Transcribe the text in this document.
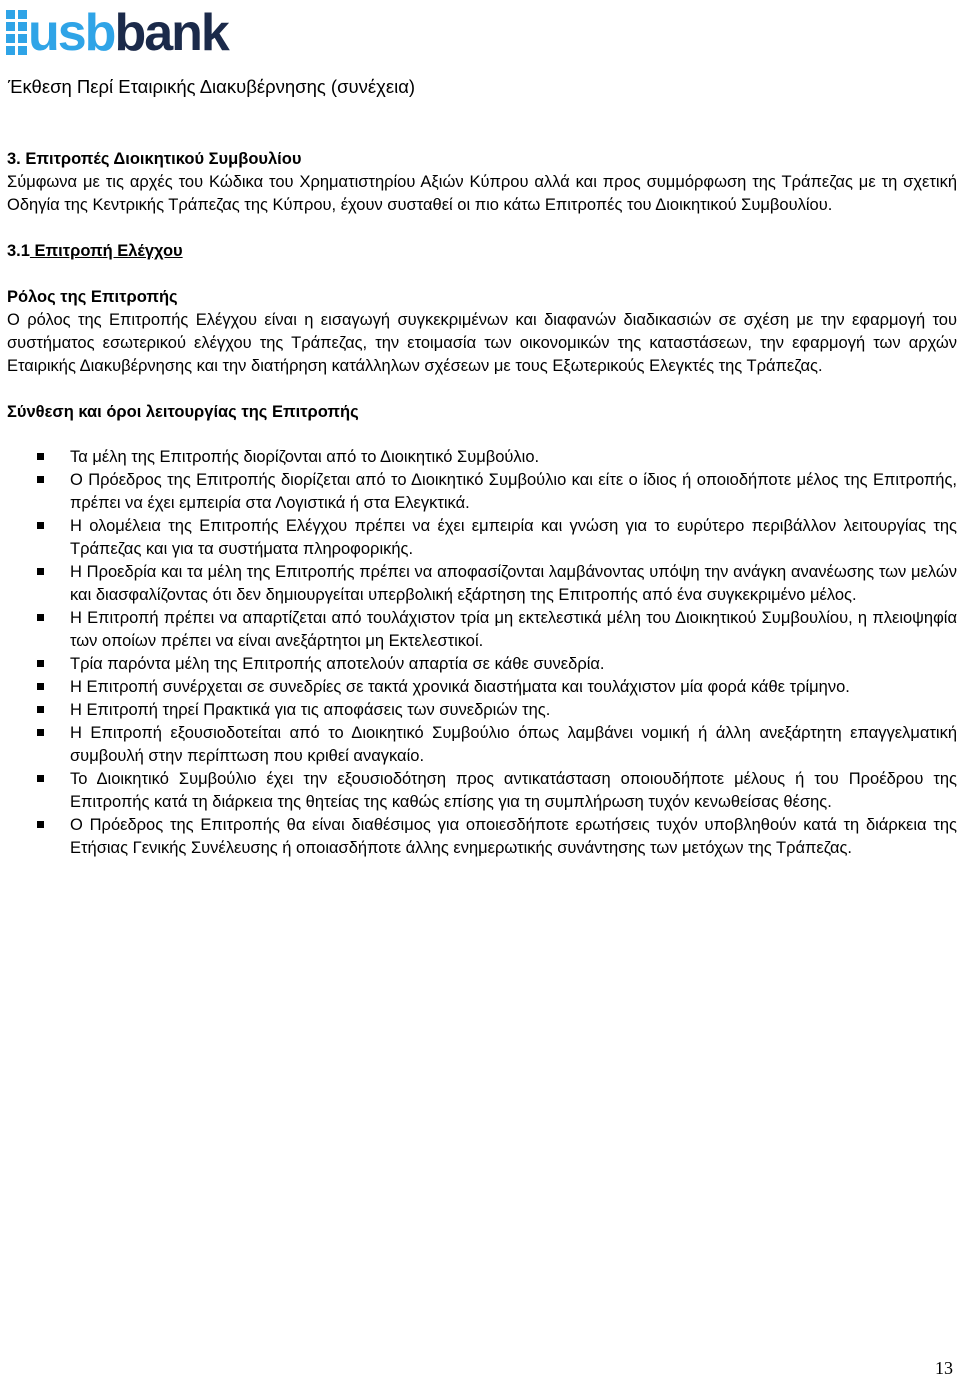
usbbank
Έκθεση Περί Εταιρικής Διακυβέρνησης (συνέχεια)

3. Επιτροπές Διοικητικού Συμβουλίου

Σύμφωνα με τις αρχές του Κώδικα του Χρηματιστηρίου Αξιών Κύπρου αλλά και προς συμμόρφωση της Τράπεζας με τη σχετική Οδηγία της Κεντρικής Τράπεζας της Κύπρου, έχουν συσταθεί οι πιο κάτω Επιτροπές του Διοικητικού Συμβουλίου.

3.1 Επιτροπή Ελέγχου

Ρόλος της Επιτροπής

Ο ρόλος της Επιτροπής Ελέγχου είναι η εισαγωγή συγκεκριμένων και διαφανών διαδικασιών σε σχέση με την εφαρμογή του συστήματος εσωτερικού ελέγχου της Τράπεζας, την ετοιμασία των οικονομικών της καταστάσεων, την εφαρμογή των αρχών Εταιρικής Διακυβέρνησης και την διατήρηση κατάλληλων σχέσεων με τους Εξωτερικούς Ελεγκτές της Τράπεζας.

Σύνθεση και όροι λειτουργίας της Επιτροπής

Τα μέλη της Επιτροπής διορίζονται από το Διοικητικό Συμβούλιο.
Ο Πρόεδρος της Επιτροπής διορίζεται από το Διοικητικό Συμβούλιο και είτε ο ίδιος ή οποιοδήποτε μέλος της Επιτροπής, πρέπει να έχει εμπειρία στα Λογιστικά ή στα Ελεγκτικά.
Η ολομέλεια της Επιτροπής Ελέγχου πρέπει να έχει εμπειρία και γνώση για το ευρύτερο περιβάλλον λειτουργίας της Τράπεζας και για τα συστήματα πληροφορικής.
Η Προεδρία και τα μέλη της Επιτροπής πρέπει να αποφασίζονται λαμβάνοντας υπόψη την ανάγκη ανανέωσης των μελών και διασφαλίζοντας ότι δεν δημιουργείται υπερβολική εξάρτηση της Επιτροπής από ένα συγκεκριμένο μέλος.
Η Επιτροπή πρέπει να απαρτίζεται από τουλάχιστον τρία μη εκτελεστικά μέλη του Διοικητικού Συμβουλίου, η πλειοψηφία των οποίων πρέπει να είναι ανεξάρτητοι μη Εκτελεστικοί.
Τρία παρόντα μέλη της Επιτροπής αποτελούν απαρτία σε κάθε συνεδρία.
Η Επιτροπή συνέρχεται σε συνεδρίες σε τακτά χρονικά διαστήματα και τουλάχιστον μία φορά κάθε τρίμηνο.
Η Επιτροπή τηρεί Πρακτικά για τις αποφάσεις των συνεδριών της.
Η Επιτροπή εξουσιοδοτείται από το Διοικητικό Συμβούλιο όπως λαμβάνει νομική ή άλλη ανεξάρτητη επαγγελματική συμβουλή στην περίπτωση που κριθεί αναγκαίο.
Το Διοικητικό Συμβούλιο έχει την εξουσιοδότηση προς αντικατάσταση οποιουδήποτε μέλους ή του Προέδρου της Επιτροπής κατά τη διάρκεια της θητείας της καθώς επίσης για τη συμπλήρωση τυχόν κενωθείσας θέσης.
Ο Πρόεδρος της Επιτροπής θα είναι διαθέσιμος για οποιεσδήποτε ερωτήσεις τυχόν υποβληθούν κατά τη διάρκεια της Ετήσιας Γενικής Συνέλευσης ή οποιασδήποτε άλλης ενημερωτικής συνάντησης των μετόχων της Τράπεζας.
13
